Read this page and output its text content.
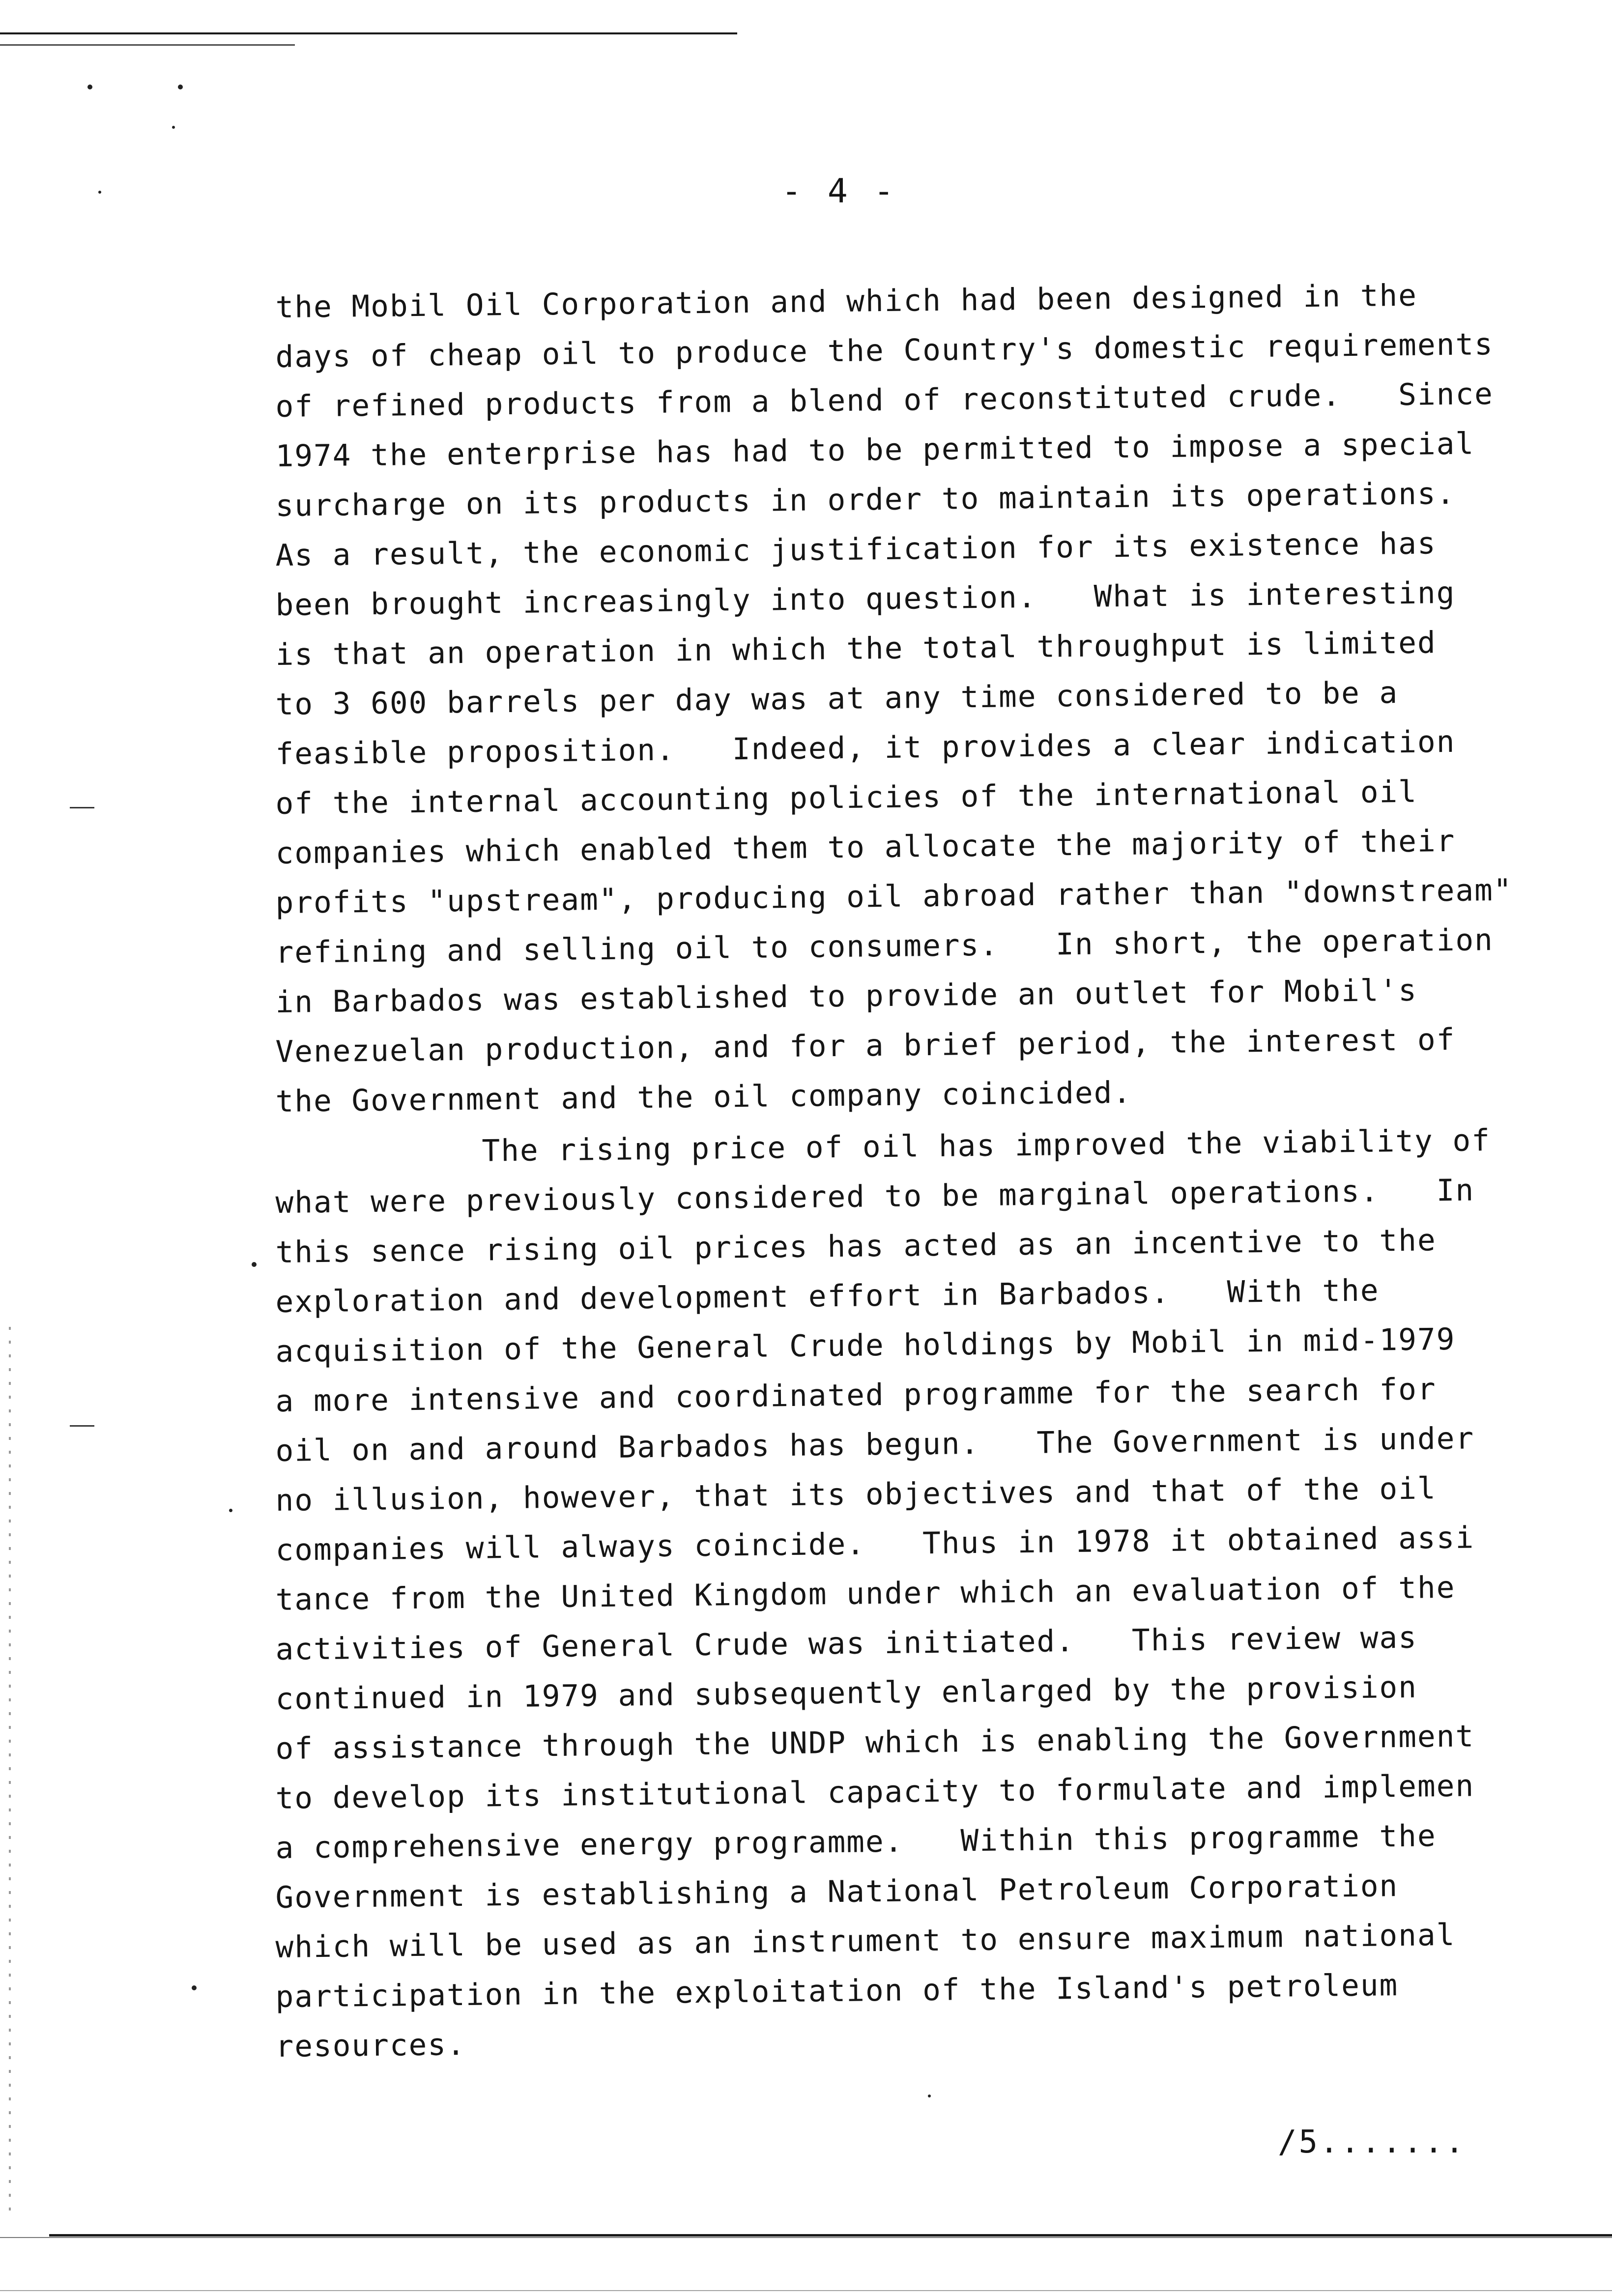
- 4 -
the Mobil Oil Corporation and which had been designed in the
days of cheap oil to produce the Country's domestic requirements
of refined products from a blend of reconstituted crude.   Since
1974 the enterprise has had to be permitted to impose a special
surcharge on its products in order to maintain its operations.
As a result, the economic justification for its existence has
been brought increasingly into question.   What is interesting
is that an operation in which the total throughput is limited
to 3 600 barrels per day was at any time considered to be a
feasible proposition.   Indeed, it provides a clear indication
of the internal accounting policies of the international oil
companies which enabled them to allocate the majority of their
profits "upstream", producing oil abroad rather than "downstream"
refining and selling oil to consumers.   In short, the operation
in Barbados was established to provide an outlet for Mobil's
Venezuelan production, and for a brief period, the interest of
the Government and the oil company coincided.
The rising price of oil has improved the viability of
what were previously considered to be marginal operations.   In
this sence rising oil prices has acted as an incentive to the
exploration and development effort in Barbados.   With the
acquisition of the General Crude holdings by Mobil in mid-1979
a more intensive and coordinated programme for the search for
oil on and around Barbados has begun.   The Government is under
no illusion, however, that its objectives and that of the oil
companies will always coincide.   Thus in 1978 it obtained assi
tance from the United Kingdom under which an evaluation of the
activities of General Crude was initiated.   This review was
continued in 1979 and subsequently enlarged by the provision
of assistance through the UNDP which is enabling the Government
to develop its institutional capacity to formulate and implemen
a comprehensive energy programme.   Within this programme the
Government is establishing a National Petroleum Corporation
which will be used as an instrument to ensure maximum national
participation in the exploitation of the Island's petroleum
resources.
/5.......
